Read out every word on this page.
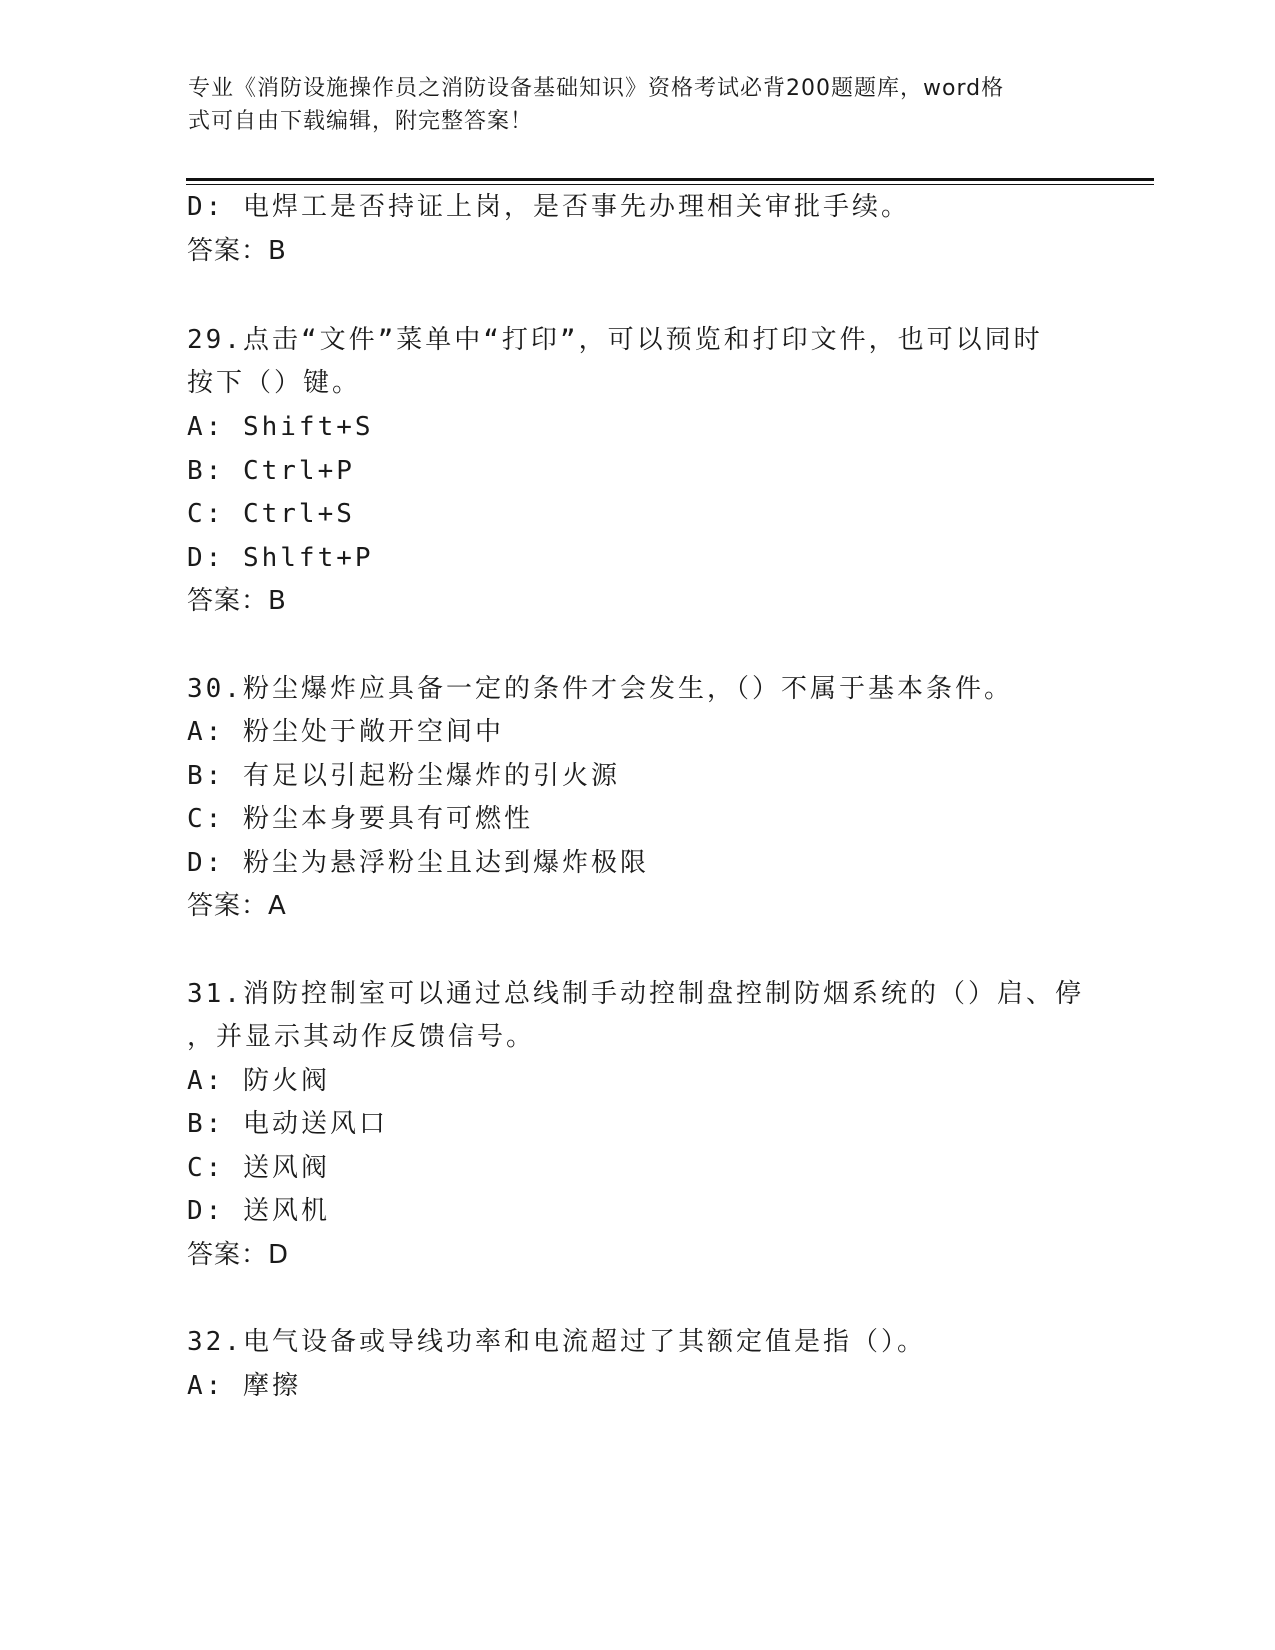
专业《消防设施操作员之消防设备基础知识》资格考试必背200题题库，word格
式可自由下载编辑，附完整答案！
D: 电焊工是否持证上岗，是否事先办理相关审批手续。
答案：B
29.点击“文件”菜单中“打印”，可以预览和打印文件，也可以同时
按下（）键。
A: Shift+S
B: Ctrl+P
C: Ctrl+S
D: Shlft+P
答案：B
30.粉尘爆炸应具备一定的条件才会发生，（）不属于基本条件。
A: 粉尘处于敞开空间中
B: 有足以引起粉尘爆炸的引火源
C: 粉尘本身要具有可燃性
D: 粉尘为悬浮粉尘且达到爆炸极限
答案：A
31.消防控制室可以通过总线制手动控制盘控制防烟系统的（）启、停
，并显示其动作反馈信号。
A: 防火阀
B: 电动送风口
C: 送风阀
D: 送风机
答案：D
32.电气设备或导线功率和电流超过了其额定值是指（）。
A: 摩擦
